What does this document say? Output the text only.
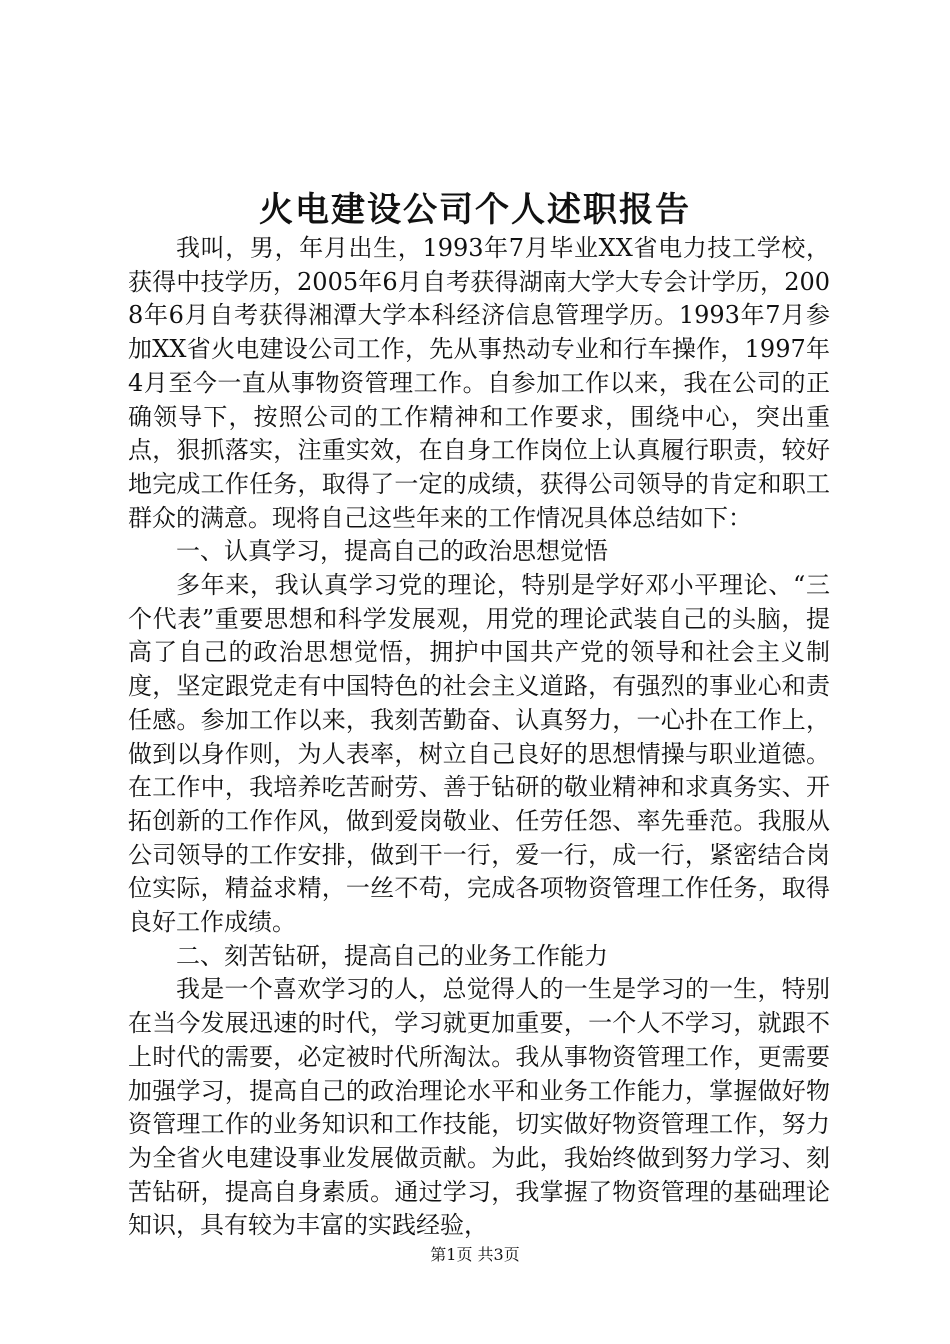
火电建设公司个人述职报告

我叫，男，年月出生，1993年7月毕业XX省电力技工学校，获得中技学历，2005年6月自考获得湖南大学大专会计学历，2008年6月自考获得湘潭大学本科经济信息管理学历。1993年7月参加XX省火电建设公司工作，先从事热动专业和行车操作，1997年4月至今一直从事物资管理工作。自参加工作以来，我在公司的正确领导下，按照公司的工作精神和工作要求，围绕中心，突出重点，狠抓落实，注重实效，在自身工作岗位上认真履行职责，较好地完成工作任务，取得了一定的成绩，获得公司领导的肯定和职工群众的满意。现将自己这些年来的工作情况具体总结如下：

一、认真学习，提高自己的政治思想觉悟

多年来，我认真学习党的理论，特别是学好邓小平理论、“三个代表”重要思想和科学发展观，用党的理论武装自己的头脑，提高了自己的政治思想觉悟，拥护中国共产党的领导和社会主义制度，坚定跟党走有中国特色的社会主义道路，有强烈的事业心和责任感。参加工作以来，我刻苦勤奋、认真努力，一心扑在工作上，做到以身作则，为人表率，树立自己良好的思想情操与职业道德。在工作中，我培养吃苦耐劳、善于钻研的敬业精神和求真务实、开拓创新的工作作风，做到爱岗敬业、任劳任怨、率先垂范。我服从公司领导的工作安排，做到干一行，爱一行，成一行，紧密结合岗位实际，精益求精，一丝不苟，完成各项物资管理工作任务，取得良好工作成绩。

二、刻苦钻研，提高自己的业务工作能力

我是一个喜欢学习的人，总觉得人的一生是学习的一生，特别在当今发展迅速的时代，学习就更加重要，一个人不学习，就跟不上时代的需要，必定被时代所淘汰。我从事物资管理工作，更需要加强学习，提高自己的政治理论水平和业务工作能力，掌握做好物资管理工作的业务知识和工作技能，切实做好物资管理工作，努力为全省火电建设事业发展做贡献。为此，我始终做到努力学习、刻苦钻研，提高自身素质。通过学习，我掌握了物资管理的基础理论知识，具有较为丰富的实践经验，

第1页 共3页
